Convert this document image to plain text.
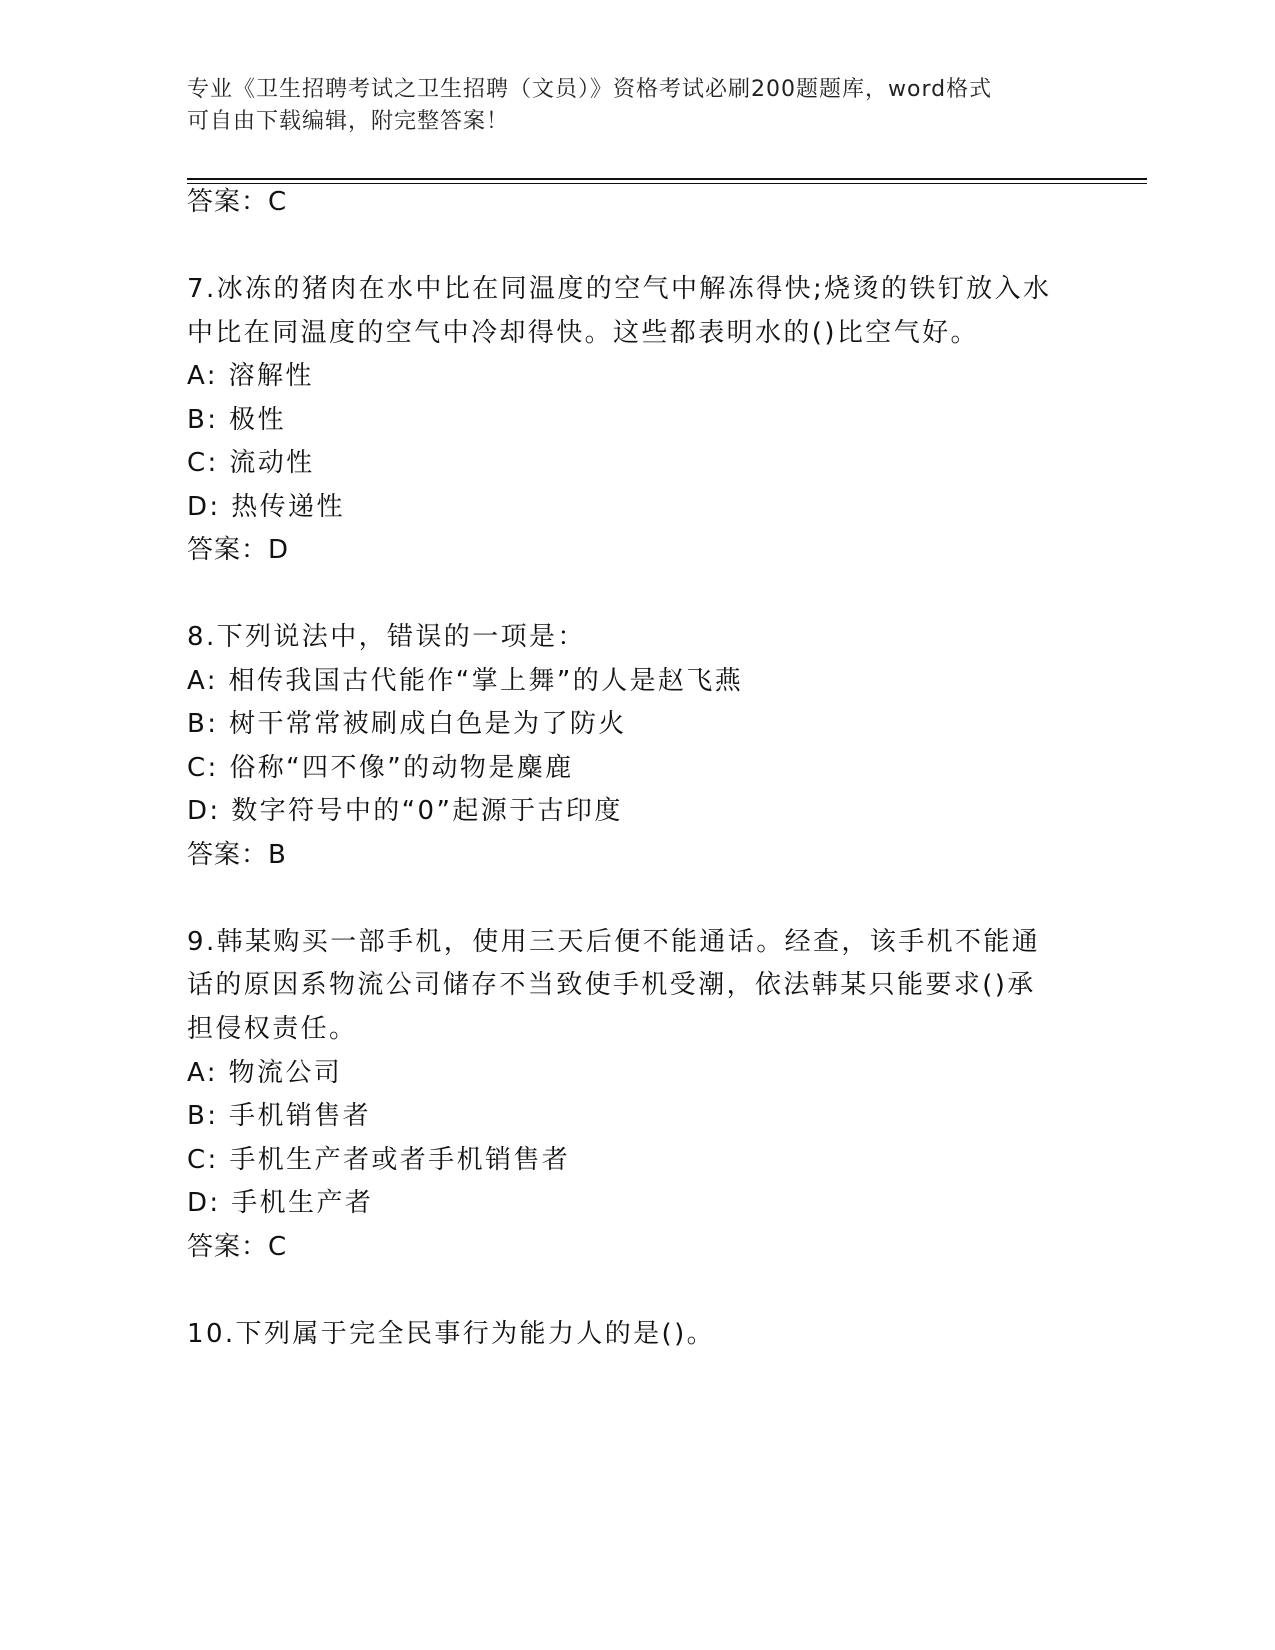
专业《卫生招聘考试之卫生招聘（文员）》资格考试必刷200题题库，word格式
可自由下载编辑，附完整答案！
答案：C
7.冰冻的猪肉在水中比在同温度的空气中解冻得快;烧烫的铁钉放入水
中比在同温度的空气中冷却得快。这些都表明水的()比空气好。
A: 溶解性
B: 极性
C: 流动性
D: 热传递性
答案：D
8.下列说法中，错误的一项是：
A: 相传我国古代能作“掌上舞”的人是赵飞燕
B: 树干常常被刷成白色是为了防火
C: 俗称“四不像”的动物是麋鹿
D: 数字符号中的“0”起源于古印度
答案：B
9.韩某购买一部手机，使用三天后便不能通话。经查，该手机不能通
话的原因系物流公司储存不当致使手机受潮，依法韩某只能要求()承
担侵权责任。
A: 物流公司
B: 手机销售者
C: 手机生产者或者手机销售者
D: 手机生产者
答案：C
10.下列属于完全民事行为能力人的是()。
